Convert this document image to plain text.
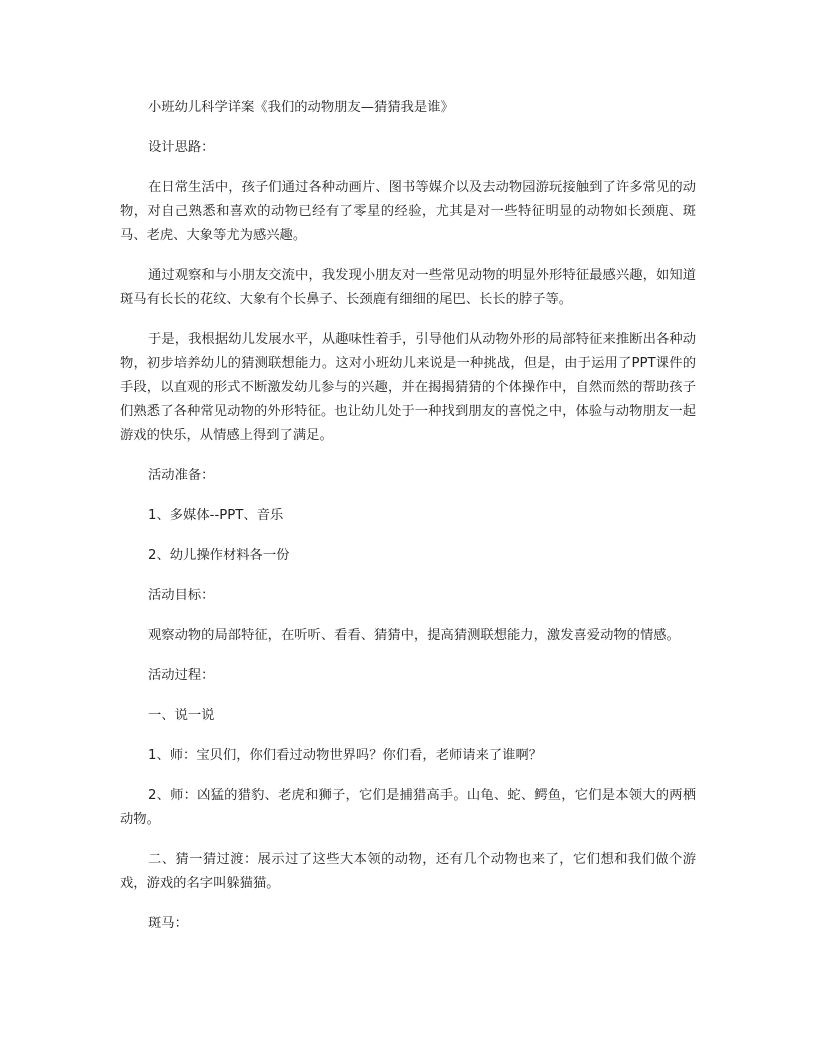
小班幼儿科学详案《我们的动物朋友—猜猜我是谁》

设计思路：

在日常生活中，孩子们通过各种动画片、图书等媒介以及去动物园游玩接触到了许多常见的动物，对自己熟悉和喜欢的动物已经有了零星的经验，尤其是对一些特征明显的动物如长颈鹿、斑马、老虎、大象等尤为感兴趣。

通过观察和与小朋友交流中，我发现小朋友对一些常见动物的明显外形特征最感兴趣，如知道斑马有长长的花纹、大象有个长鼻子、长颈鹿有细细的尾巴、长长的脖子等。

于是，我根据幼儿发展水平，从趣味性着手，引导他们从动物外形的局部特征来推断出各种动物，初步培养幼儿的猜测联想能力。这对小班幼儿来说是一种挑战，但是，由于运用了PPT课件的手段，以直观的形式不断激发幼儿参与的兴趣，并在揭揭猜猜的个体操作中，自然而然的帮助孩子们熟悉了各种常见动物的外形特征。也让幼儿处于一种找到朋友的喜悦之中，体验与动物朋友一起游戏的快乐，从情感上得到了满足。

活动准备：

1、多媒体--PPT、音乐

2、幼儿操作材料各一份

活动目标：

观察动物的局部特征，在听听、看看、猜猜中，提高猜测联想能力，激发喜爱动物的情感。

活动过程：

一、说一说

1、师：宝贝们，你们看过动物世界吗？你们看，老师请来了谁啊？

2、师：凶猛的猎豹、老虎和狮子，它们是捕猎高手。山龟、蛇、鳄鱼，它们是本领大的两栖动物。

二、猜一猜过渡：展示过了这些大本领的动物，还有几个动物也来了，它们想和我们做个游戏，游戏的名字叫躲猫猫。

斑马：
